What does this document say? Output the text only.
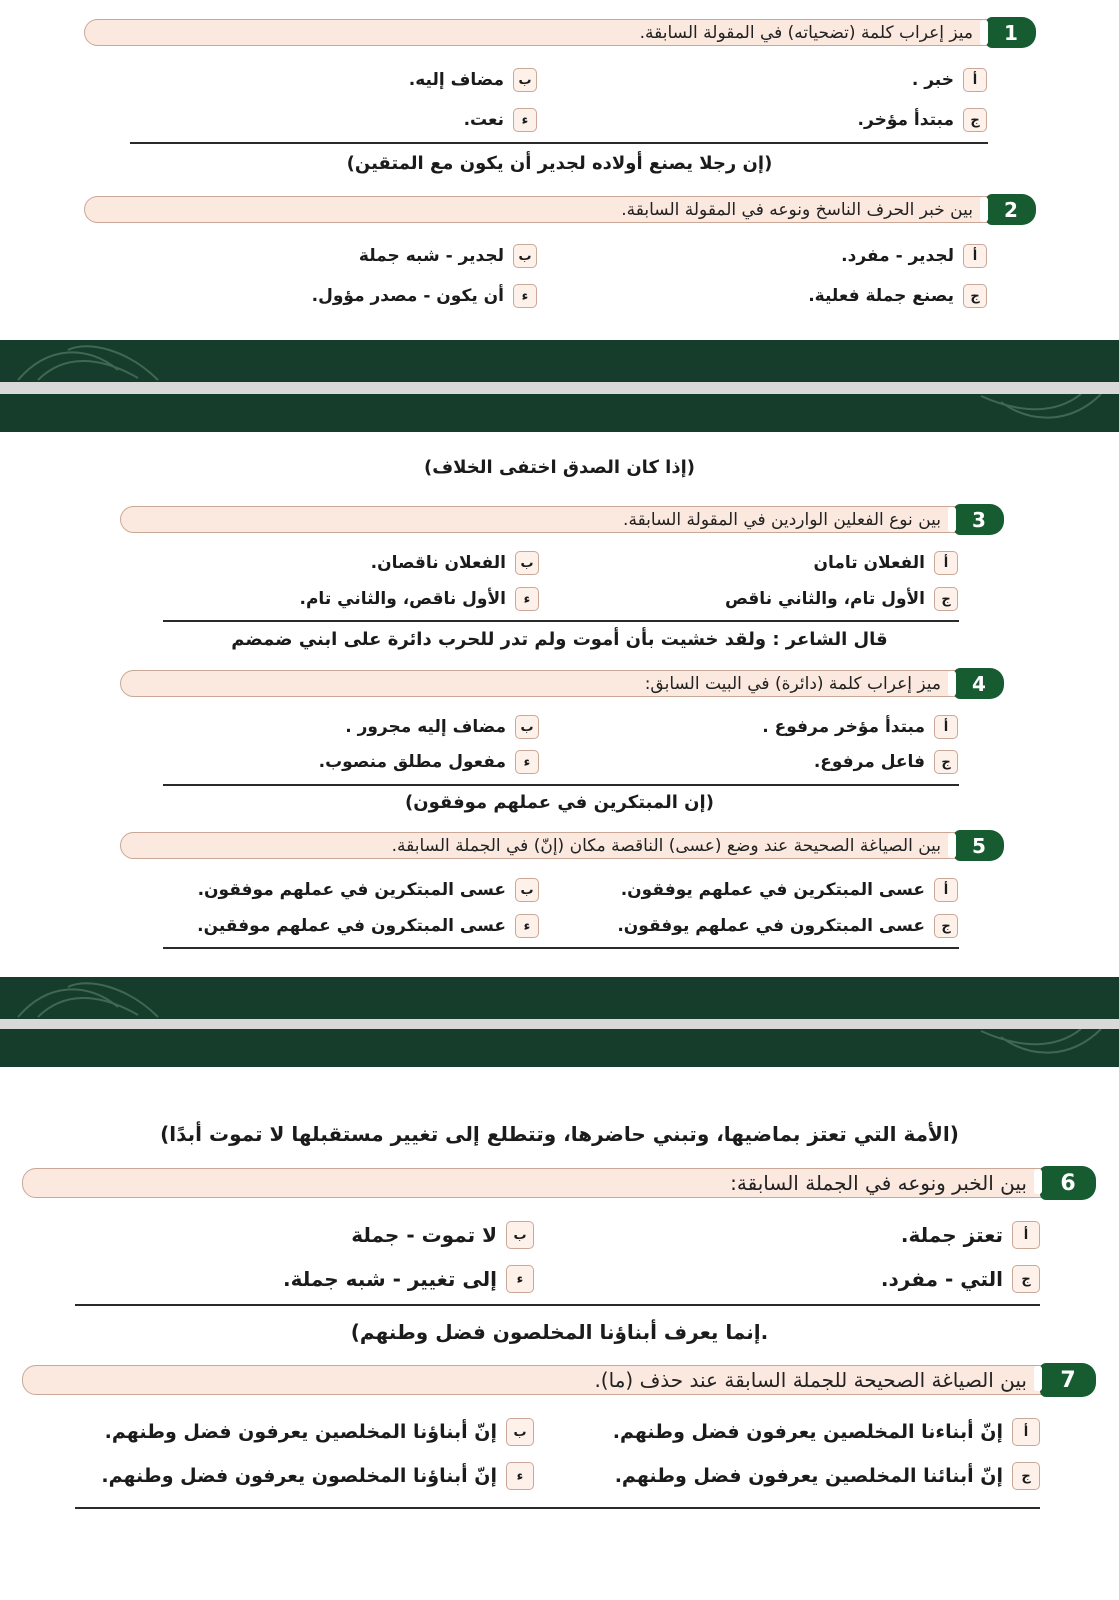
1
ميز إعراب كلمة (تضحياته) في المقولة السابقة.
أ
خبر .
ب
مضاف إليه.
ج
مبتدأ مؤخر.
ء
نعت.
(إن رجلا يصنع أولاده لجدير أن يكون مع المتقين)
2
بين خبر الحرف الناسخ ونوعه في المقولة السابقة.
أ
لجدير - مفرد.
ب
لجدير - شبه جملة
ج
يصنع جملة فعلية.
ء
أن يكون - مصدر مؤول.
(إذا كان الصدق اختفى الخلاف)
3
بين نوع الفعلين الواردين في المقولة السابقة.
أ
الفعلان تامان
ب
الفعلان ناقصان.
ج
الأول تام، والثاني ناقص
ء
الأول ناقص، والثاني تام.
قال الشاعر : ولقد خشيت بأن أموت ولم تدر للحرب دائرة على ابني ضمضم
4
ميز إعراب كلمة (دائرة) في البيت السابق:
أ
مبتدأ مؤخر مرفوع .
ب
مضاف إليه مجرور .
ج
فاعل مرفوع.
ء
مفعول مطلق منصوب.
(إن المبتكرين في عملهم موفقون)
5
بين الصياغة الصحيحة عند وضع (عسى) الناقصة مكان (إنّ) في الجملة السابقة.
أ
عسى المبتكرين في عملهم يوفقون.
ب
عسى المبتكرين في عملهم موفقون.
ج
عسى المبتكرون في عملهم يوفقون.
ء
عسى المبتكرون في عملهم موفقين.
(الأمة التي تعتز بماضيها، وتبني حاضرها، وتتطلع إلى تغيير مستقبلها لا تموت أبدًا)
6
بين الخبر ونوعه في الجملة السابقة:
أ
تعتز جملة.
ب
لا تموت - جملة
ج
التي - مفرد.
ء
إلى تغيير - شبه جملة.
.إنما يعرف أبناؤنا المخلصون فضل وطنهم)
7
بين الصياغة الصحيحة للجملة السابقة عند حذف (ما).
أ
إنّ أبناءنا المخلصين يعرفون فضل وطنهم.
ب
إنّ أبناؤنا المخلصين يعرفون فضل وطنهم.
ج
إنّ أبنائنا المخلصين يعرفون فضل وطنهم.
ء
إنّ أبناؤنا المخلصون يعرفون فضل وطنهم.
